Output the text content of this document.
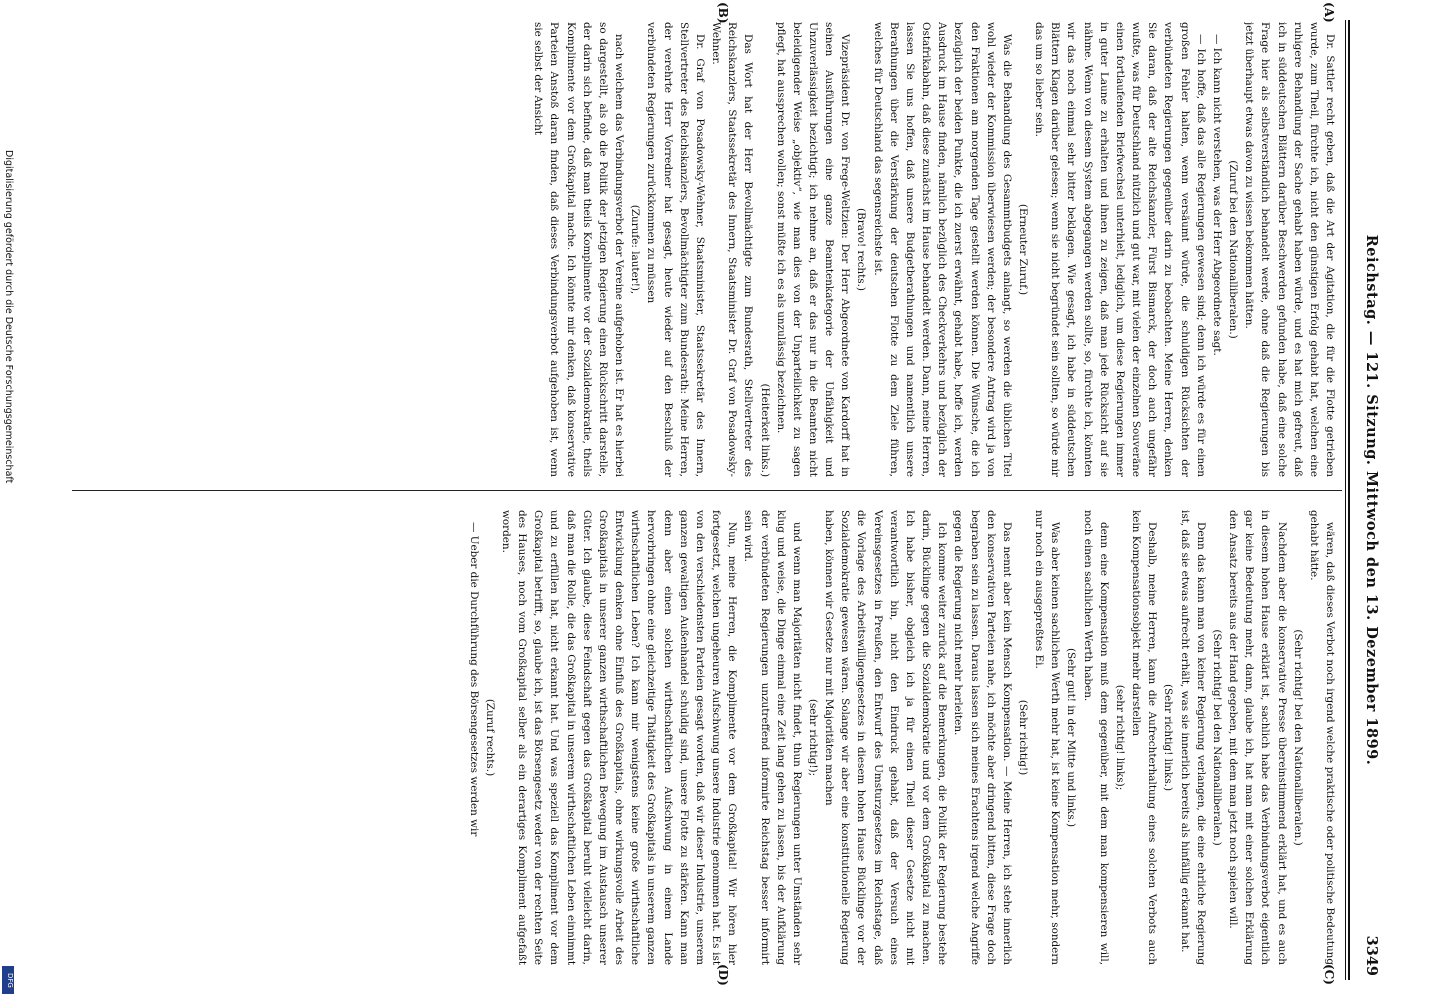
Reichstag. — 121. Sitzung. Mittwoch den 13. Dezember 1899.
3349
(A)
(B)
(C)
(D)

Dr. Sattler recht geben, daß die Art der Agitation, die für die Flotte getrieben wurde, zum Theil, fürchte ich, nicht den günstigen Erfolg gehabt hat, welchen eine ruhigere Behandlung der Sache gehabt haben würde, und es hat mich gefreut, daß ich in süddeutschen Blättern darüber Beschwerden gefunden habe, daß eine solche Frage hier als selbstverständlich behandelt werde, ohne daß die Regierungen bis jetzt überhaupt etwas davon zu wissen bekommen hätten.

(Zuruf bei den Nationalliberalen.)

— Ich kann nicht verstehen, was der Herr Abgeordnete sagt.

— Ich hoffe, daß das alle Regierungen gewesen sind; denn ich würde es für einen großen Fehler halten, wenn versäumt würde, die schuldigen Rücksichten der verbündeten Regierungen gegenüber darin zu beobachten. Meine Herren, denken Sie daran, daß der alte Reichskanzler, Fürst Bismarck, der doch auch ungefähr wußte, was für Deutschland nützlich und gut war, mit vielen der einzelnen Souveräne einen fortlaufenden Briefwechsel unterhielt, lediglich, um diese Regierungen immer in guter Laune zu erhalten und ihnen zu zeigen, daß man jede Rücksicht auf sie nähme. Wenn von diesem System abgegangen werden sollte, so, fürchte ich, könnten wir das noch einmal sehr bitter beklagen. Wie gesagt, ich habe in süddeutschen Blättern Klagen darüber gelesen; wenn sie nicht begründet sein sollten, so würde mir das um so lieber sein.

(Erneuter Zuruf.)

Was die Behandlung des Gesammtbudgets anlangt, so werden die üblichen Titel wohl wieder der Kommission überwiesen werden; der besondere Antrag wird ja von den Fraktionen am morgenden Tage gestellt werden können. Die Wünsche, die ich bezüglich der beiden Punkte, die ich zuerst erwähnt, gehabt habe, hoffe ich, werden Ausdruck im Hause finden, nämlich bezüglich des Checkverkehrs und bezüglich der Ostafrikabahn, daß diese zunächst im Hause behandelt werden. Dann, meine Herren, lassen Sie uns hoffen, daß unsere Budgetberathungen und namentlich unsere Berathungen über die Verstärkung der deutschen Flotte zu dem Ziele führen, welches für Deutschland das segensreichste ist.

(Bravo! rechts.)

Vizepräsident Dr. von Frege-Weltzien: Der Herr Abgeordnete von Kardorff hat in seinen Ausführungen eine ganze Beamtenkategorie der Unfähigkeit und Unzuverlässigkeit bezichtigt; ich nehme an, daß er das nur in die Beamten nicht beleidigender Weise „objektiv“, wie man dies von der Unparteilichkeit zu sagen pflegt, hat aussprechen wollen; sonst müßte ich es als unzulässig bezeichnen.

(Heiterkeit links.)

Das Wort hat der Herr Bevollmächtigte zum Bundesrath, Stellvertreter des Reichskanzlers, Staatssekretär des Innern, Staatsminister Dr. Graf von Posadowsky-Wehner.

Dr. Graf von Posadowsky-Wehner, Staatsminister, Staatssekretär des Innern, Stellvertreter des Reichskanzlers, Bevollmächtigter zum Bundesrath: Meine Herren, der verehrte Herr Vorredner hat gesagt, heute wieder auf den Beschluß der verbündeten Regierungen zurückkommen zu müssen

(Zurufe: lauter!),

nach welchem das Verbindungsverbot der Vereine aufgehoben ist. Er hat es hierbei so dargestellt, als ob die Politik der jetzigen Regierung einen Rückschritt darstelle, der darin sich befinde, daß man theils Komplimente vor der Sozialdemokratie, theils Komplimente vor dem Großkapital mache. Ich könnte mir denken, daß konservative Parteien Anstoß daran finden, daß dieses Verbindungsverbot aufgehoben ist, wenn sie selbst der Ansicht

wären, daß dieses Verbot noch irgend welche praktische oder politische Bedeutung gehabt hätte.

(Sehr richtig! bei den Nationalliberalen.)

Nachdem aber die konservative Presse übereinstimmend erklärt hat, und es auch in diesem hohen Hause erklärt ist, sachlich habe das Verbindungsverbot eigentlich gar keine Bedeutung mehr, dann, glaube ich, hat man mit einer solchen Erklärung den Ansatz bereits aus der Hand gegeben, mit dem man jetzt noch spielen will.

(Sehr richtig! bei den Nationalliberalen.)

Denn das kann man von keiner Regierung verlangen, die eine ehrliche Regierung ist, daß sie etwas aufrecht erhält, was sie innerlich bereits als hinfällig erkannt hat.

(Sehr richtig! links.)

Deshalb, meine Herren, kann die Aufrechterhaltung eines solchen Verbots auch kein Kompensationsobjekt mehr darstellen

(sehr richtig! links);

denn eine Kompensation muß dem gegenüber, mit dem man kompensieren will, noch einen sachlichen Werth haben.

(Sehr gut! in der Mitte und links.)

Was aber keinen sachlichen Werth mehr hat, ist keine Kompensation mehr, sondern nur noch ein ausgepreßtes Ei.

(Sehr richtig!)

Das nennt aber kein Mensch Kompensation. — Meine Herren, ich stehe innerlich den konservativen Parteien nahe, ich möchte aber dringend bitten, diese Frage doch begraben sein zu lassen. Daraus lassen sich meines Erachtens irgend welche Angriffe gegen die Regierung nicht mehr herleiten.

Ich komme weiter zurück auf die Bemerkungen, die Politik der Regierung bestehe darin, Bücklinge gegen die Sozialdemokratie und vor dem Großkapital zu machen. Ich habe bisher, obgleich ich ja für einen Theil dieser Gesetze nicht mit verantwortlich bin, nicht den Eindruck gehabt, daß der Versuch eines Vereinsgesetzes in Preußen, den Entwurf des Umsturzgesetzes im Reichstage, daß die Vorlage des Arbeitswilligengesetzes in diesem hohen Hause Bücklinge vor der Sozialdemokratie gewesen wären. Solange wir aber eine konstitutionelle Regierung haben, können wir Gesetze nur mit Majoritäten machen

(sehr richtig!);

und wenn man Majoritäten nicht findet, thun Regierungen unter Umständen sehr klug und weise, die Dinge einmal eine Zeit lang gehen zu lassen, bis der Aufklärung der verbündeten Regierungen unzutreffend informirte Reichstag besser informirt sein wird.

Nun, meine Herren, die Komplimente vor dem Großkapital! Wir hören hier fortgesetzt, welchen ungeheuren Aufschwung unsere Industrie genommen hat. Es ist von den verschiedensten Parteien gesagt worden, daß wir dieser Industrie, unserem ganzen gewaltigen Außenhandel schuldig sind, unsere Flotte zu stärken. Kann man denn aber einen solchen wirthschaftlichen Aufschwung in einem Lande hervorbringen ohne eine gleichzeitige Thätigkeit des Großkapitals in unserem ganzen wirthschaftlichen Leben? Ich kann mir wenigstens keine große wirthschaftliche Entwicklung denken ohne Einfluß des Großkapitals, ohne wirkungsvolle Arbeit des Großkapitals in unserer ganzen wirthschaftlichen Bewegung im Austausch unserer Güter. Ich glaube, diese Feindschaft gegen das Großkapital beruht vielleicht darin, daß man die Rolle, die das Großkapital in unserem wirthschaftlichen Leben einnimmt und zu erfüllen hat, nicht erkannt hat. Und was speziell das Kompliment vor dem Großkapital betrifft, so, glaube ich, ist das Börsengesetz weder von der rechten Seite des Hauses, noch vom Großkapital selber als ein derartiges Kompliment aufgefaßt worden.

(Zuruf rechts.)

— Ueber die Durchführung des Börsengesetzes werden wir

Digitalisierung gefördert durch die Deutsche Forschungsgemeinschaft
DFG
